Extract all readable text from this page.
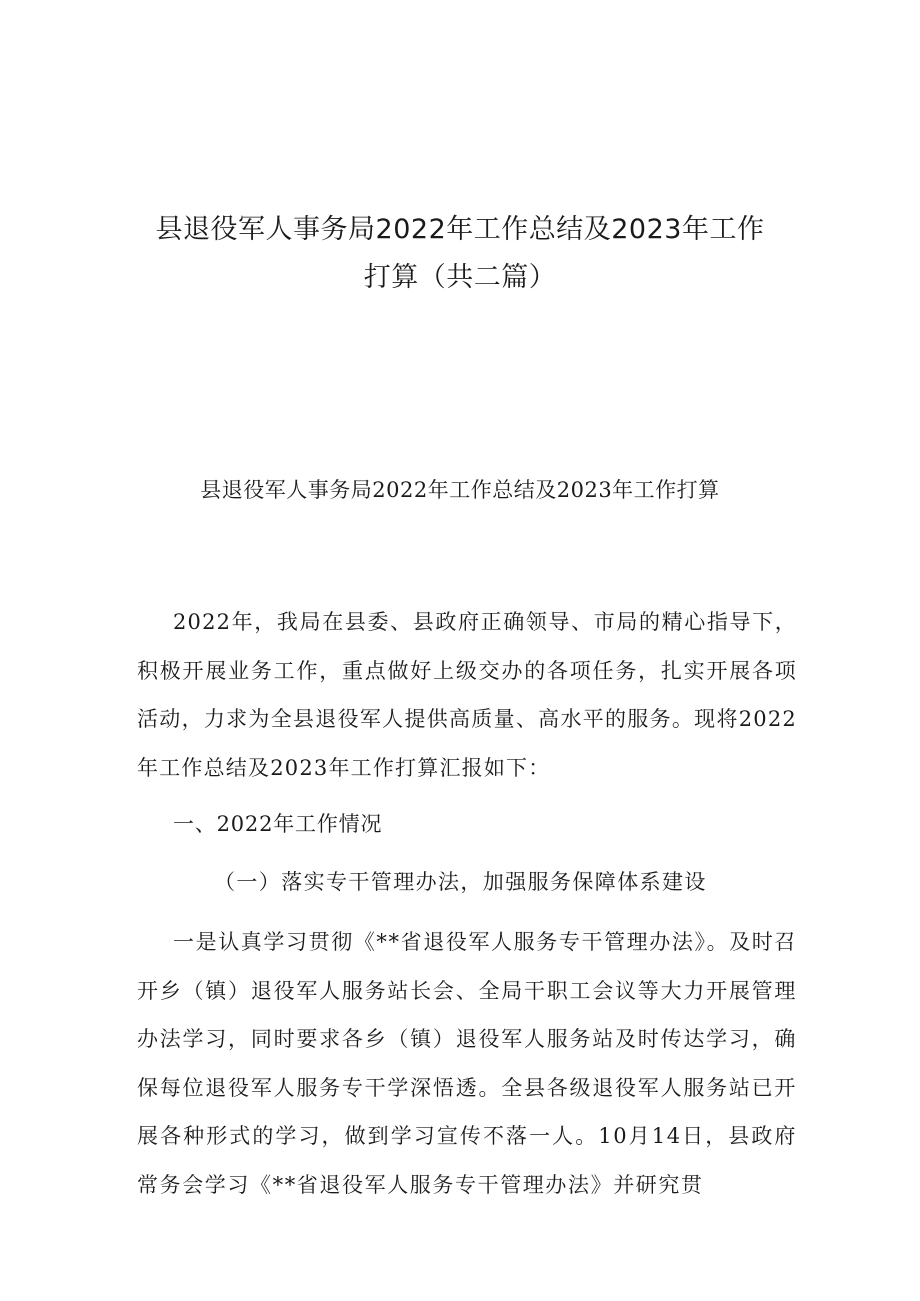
县退役军人事务局2022年工作总结及2023年工作
打算（共二篇）
县退役军人事务局2022年工作总结及2023年工作打算

2022年，我局在县委、县政府正确领导、市局的精心指导下，积极开展业务工作，重点做好上级交办的各项任务，扎实开展各项活动，力求为全县退役军人提供高质量、高水平的服务。现将2022年工作总结及2023年工作打算汇报如下：

一、2022年工作情况

（一）落实专干管理办法，加强服务保障体系建设

一是认真学习贯彻《**省退役军人服务专干管理办法》。及时召开乡（镇）退役军人服务站长会、全局干职工会议等大力开展管理办法学习，同时要求各乡（镇）退役军人服务站及时传达学习，确保每位退役军人服务专干学深悟透。全县各级退役军人服务站已开展各种形式的学习，做到学习宣传不落一人。10月14日，县政府常务会学习《**省退役军人服务专干管理办法》并研究贯
